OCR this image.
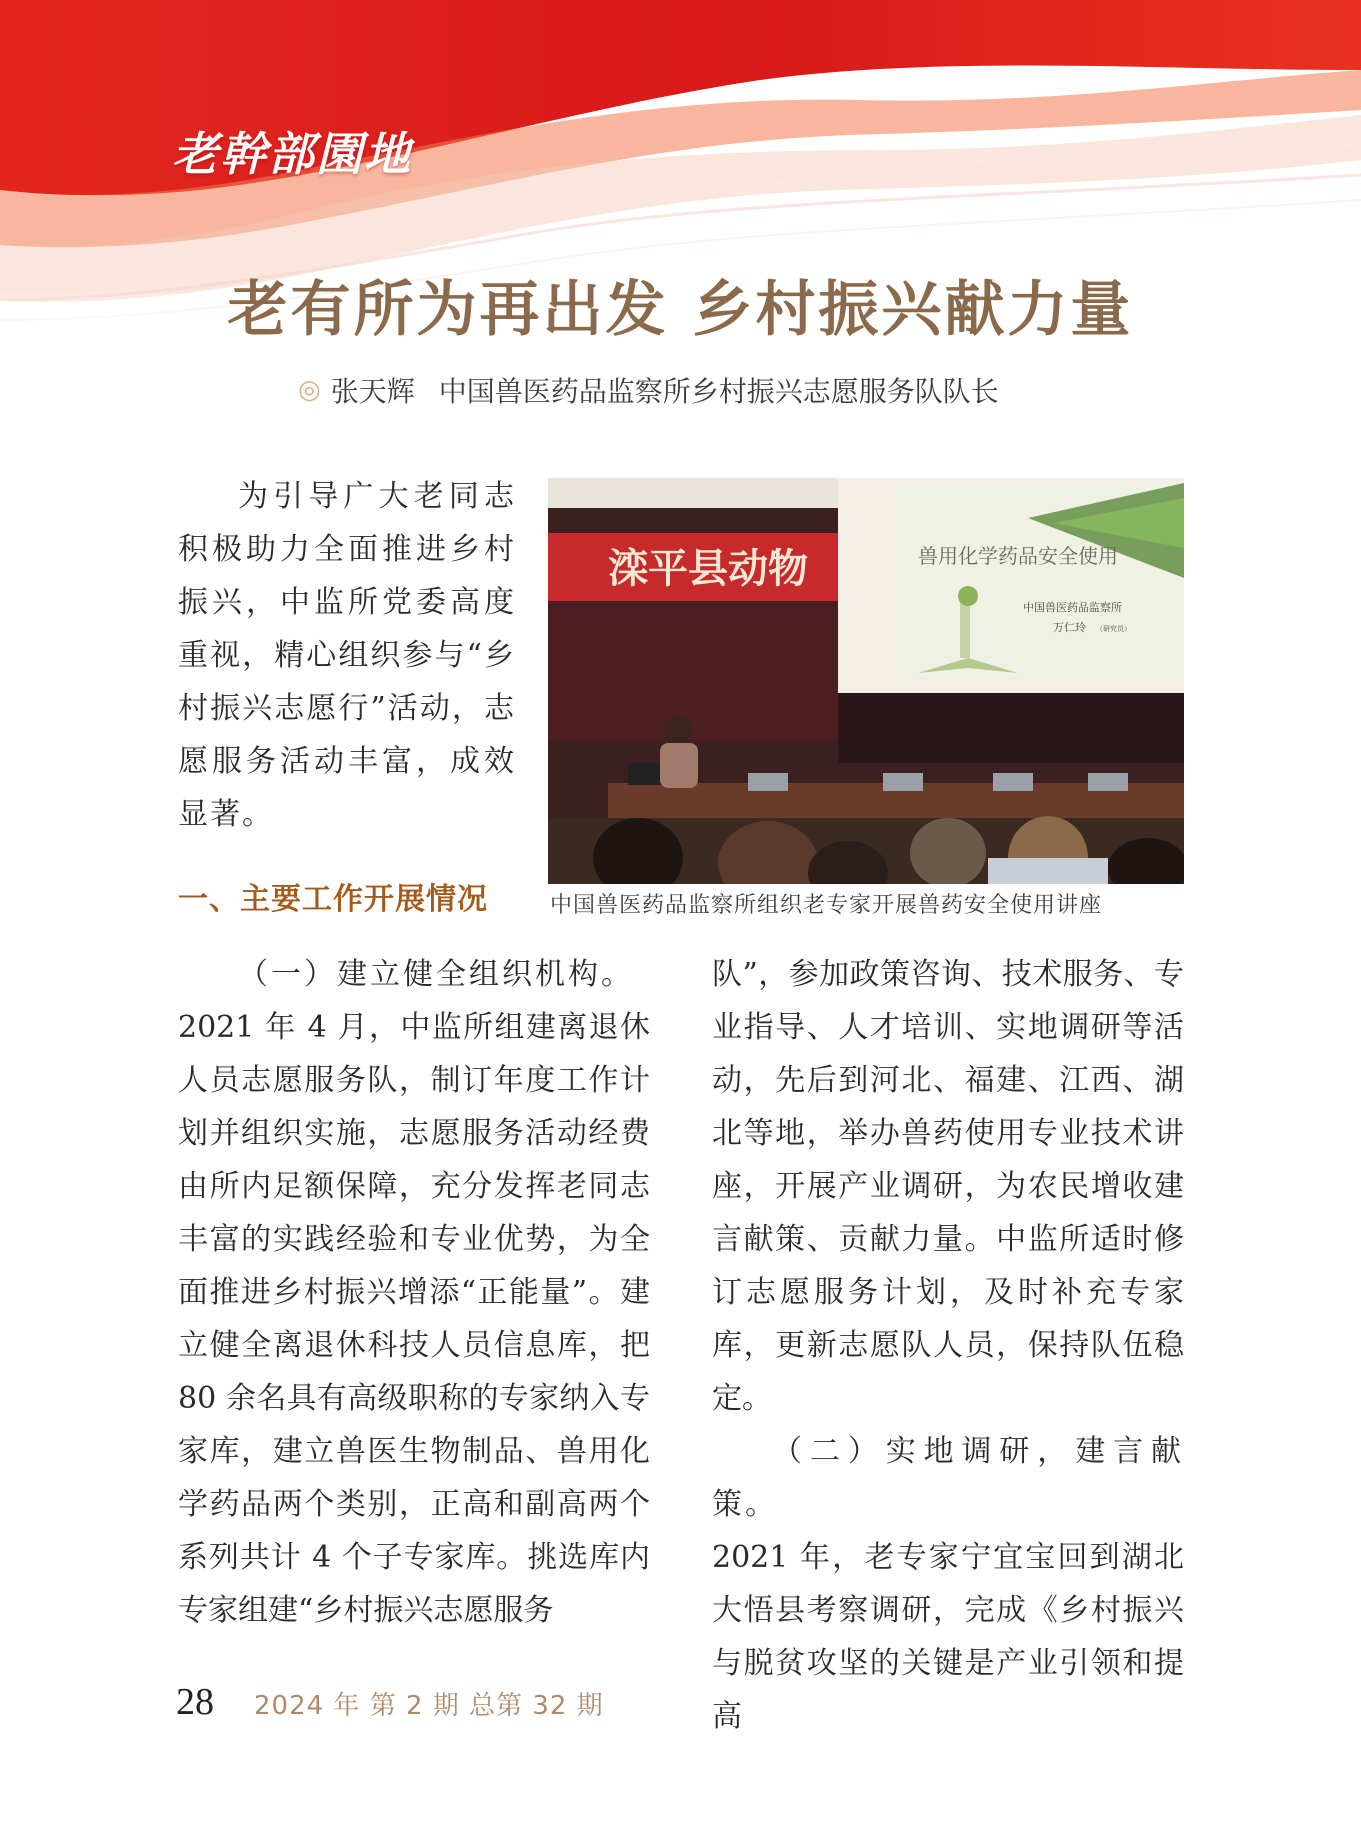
老幹部園地
老有所为再出发 乡村振兴献力量
◎ 张天辉 中国兽医药品监察所乡村振兴志愿服务队队长

为引导广大老同志积极助力全面推进乡村振兴，中监所党委高度重视，精心组织参与“乡村振兴志愿行”活动，志愿服务活动丰富，成效显著。

一、主要工作开展情况
滦平县动物	兽用化学药品安全使用
中国兽医药品监察所
万仁玲 （研究员）
中国兽医药品监察所组织老专家开展兽药安全使用讲座

（一）建立健全组织机构。

2021 年 4 月，中监所组建离退休人员志愿服务队，制订年度工作计划并组织实施，志愿服务活动经费由所内足额保障，充分发挥老同志丰富的实践经验和专业优势，为全面推进乡村振兴增添“正能量”。建立健全离退休科技人员信息库，把 80 余名具有高级职称的专家纳入专家库，建立兽医生物制品、兽用化学药品两个类别，正高和副高两个系列共计 4 个子专家库。挑选库内专家组建“乡村振兴志愿服务

队”，参加政策咨询、技术服务、专业指导、人才培训、实地调研等活动，先后到河北、福建、江西、湖北等地，举办兽药使用专业技术讲座，开展产业调研，为农民增收建言献策、贡献力量。中监所适时修订志愿服务计划，及时补充专家库，更新志愿队人员，保持队伍稳定。

（二）实地调研，建言献策。

2021 年，老专家宁宜宝回到湖北大悟县考察调研，完成《乡村振兴与脱贫攻坚的关键是产业引领和提高

28 2024 年 第 2 期 总第 32 期
